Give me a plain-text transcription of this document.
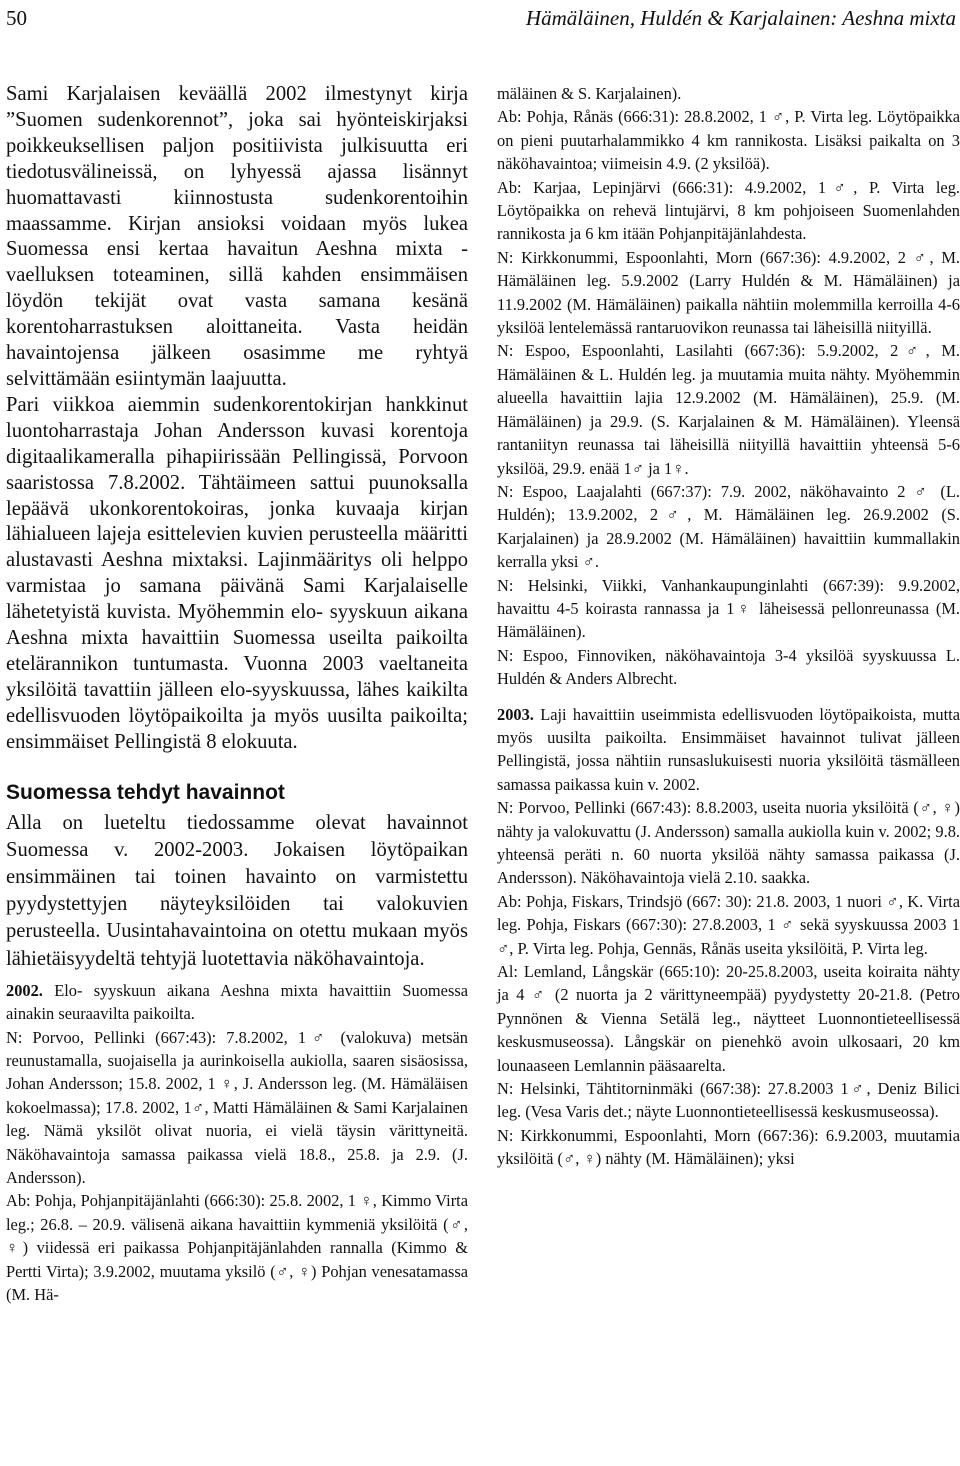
50	Hämäläinen, Huldén & Karjalainen: Aeshna mixta

Sami Karjalaisen keväällä 2002 ilmestynyt kirja ”Suomen sudenkorennot”, joka sai hyönteiskirjaksi poikkeuksellisen paljon positiivista julkisuutta eri tiedotusvälineissä, on lyhyessä ajassa lisännyt huomattavasti kiinnostusta sudenkorentoihin maassamme. Kirjan ansioksi voidaan myös lukea Suomessa ensi kertaa havaitun Aeshna mixta -vaelluksen toteaminen, sillä kahden ensimmäisen löydön tekijät ovat vasta samana kesänä korentoharrastuksen aloittaneita. Vasta heidän havaintojensa jälkeen osasimme me ryhtyä selvittämään esiintymän laajuutta.

Pari viikkoa aiemmin sudenkorentokirjan hankkinut luontoharrastaja Johan Andersson kuvasi korentoja digitaalikameralla pihapiirissään Pellingissä, Porvoon saaristossa 7.8.2002. Tähtäimeen sattui puunoksalla lepäävä ukonkorentokoiras, jonka kuvaaja kirjan lähialueen lajeja esittelevien kuvien perusteella määritti alustavasti Aeshna mixtaksi. Lajinmääritys oli helppo varmistaa jo samana päivänä Sami Karjalaiselle lähetetyistä kuvista. Myöhemmin elo- syyskuun aikana Aeshna mixta havaittiin Suomessa useilta paikoilta etelärannikon tuntumasta. Vuonna 2003 vaeltaneita yksilöitä tavattiin jälleen elo-syyskuussa, lähes kaikilta edellisvuoden löytöpaikoilta ja myös uusilta paikoilta; ensimmäiset Pellingistä 8 elokuuta.

Suomessa tehdyt havainnot

Alla on lueteltu tiedossamme olevat havainnot Suomessa v. 2002-2003. Jokaisen löytöpaikan ensimmäinen tai toinen havainto on varmistettu pyydystettyjen näyteyksilöiden tai valokuvien perusteella. Uusintahavaintoina on otettu mukaan myös lähietäisyydeltä tehtyjä luotettavia näköhavaintoja.

2002. Elo- syyskuun aikana Aeshna mixta havaittiin Suomessa ainakin seuraavilta paikoilta.

N: Porvoo, Pellinki (667:43): 7.8.2002, 1♂ (valokuva) metsän reunustamalla, suojaisella ja aurinkoisella aukiolla, saaren sisäosissa, Johan Andersson; 15.8. 2002, 1 ♀, J. Andersson leg. (M. Hämäläisen kokoelmassa); 17.8. 2002, 1♂, Matti Hämäläinen & Sami Karjalainen leg. Nämä yksilöt olivat nuoria, ei vielä täysin värittyneitä. Näköhavaintoja samassa paikassa vielä 18.8., 25.8. ja 2.9. (J. Andersson).

Ab: Pohja, Pohjanpitäjänlahti (666:30): 25.8. 2002, 1 ♀, Kimmo Virta leg.; 26.8. – 20.9. välisenä aikana havaittiin kymmeniä yksilöitä (♂, ♀) viidessä eri paikassa Pohjanpitäjänlahden rannalla (Kimmo & Pertti Virta); 3.9.2002, muutama yksilö (♂, ♀) Pohjan venesatamassa (M. Hä-

mäläinen & S. Karjalainen).

Ab: Pohja, Rånäs (666:31): 28.8.2002, 1 ♂, P. Virta leg. Löytöpaikka on pieni puutarhalammikko 4 km rannikosta. Lisäksi paikalta on 3 näköhavaintoa; viimeisin 4.9. (2 yksilöä).

Ab: Karjaa, Lepinjärvi (666:31): 4.9.2002, 1♂, P. Virta leg. Löytöpaikka on rehevä lintujärvi, 8 km pohjoiseen Suomenlahden rannikosta ja 6 km itään Pohjanpitäjänlahdesta.

N: Kirkkonummi, Espoonlahti, Morn (667:36): 4.9.2002, 2 ♂, M. Hämäläinen leg. 5.9.2002 (Larry Huldén & M. Hämäläinen) ja 11.9.2002 (M. Hämäläinen) paikalla nähtiin molemmilla kerroilla 4-6 yksilöä lentelemässä rantaruovikon reunassa tai läheisillä niityillä.

N: Espoo, Espoonlahti, Lasilahti (667:36): 5.9.2002, 2♂, M. Hämäläinen & L. Huldén leg. ja muutamia muita nähty. Myöhemmin alueella havaittiin lajia 12.9.2002 (M. Hämäläinen), 25.9. (M. Hämäläinen) ja 29.9. (S. Karjalainen & M. Hämäläinen). Yleensä rantaniityn reunassa tai läheisillä niityillä havaittiin yhteensä 5-6 yksilöä, 29.9. enää 1♂ ja 1♀.

N: Espoo, Laajalahti (667:37): 7.9. 2002, näköhavainto 2 ♂ (L. Huldén); 13.9.2002, 2♂, M. Hämäläinen leg. 26.9.2002 (S. Karjalainen) ja 28.9.2002 (M. Hämäläinen) havaittiin kummallakin kerralla yksi ♂.

N: Helsinki, Viikki, Vanhankaupunginlahti (667:39): 9.9.2002, havaittu 4-5 koirasta rannassa ja 1♀ läheisessä pellonreunassa (M. Hämäläinen).

N: Espoo, Finnoviken, näköhavaintoja 3-4 yksilöä syyskuussa L. Huldén & Anders Albrecht.

2003. Laji havaittiin useimmista edellisvuoden löytöpaikoista, mutta myös uusilta paikoilta. Ensimmäiset havainnot tulivat jälleen Pellingistä, jossa nähtiin runsaslukuisesti nuoria yksilöitä täsmälleen samassa paikassa kuin v. 2002.

N: Porvoo, Pellinki (667:43): 8.8.2003, useita nuoria yksilöitä (♂, ♀) nähty ja valokuvattu (J. Andersson) samalla aukiolla kuin v. 2002; 9.8. yhteensä peräti n. 60 nuorta yksilöä nähty samassa paikassa (J. Andersson). Näköhavaintoja vielä 2.10. saakka.

Ab: Pohja, Fiskars, Trindsjö (667: 30): 21.8. 2003, 1 nuori ♂, K. Virta leg. Pohja, Fiskars (667:30): 27.8.2003, 1 ♂ sekä syyskuussa 2003 1 ♂, P. Virta leg. Pohja, Gennäs, Rånäs useita yksilöitä, P. Virta leg.

Al: Lemland, Långskär (665:10): 20-25.8.2003, useita koiraita nähty ja 4 ♂ (2 nuorta ja 2 värittyneempää) pyydystetty 20-21.8. (Petro Pynnönen & Vienna Setälä leg., näytteet Luonnontieteellisessä keskusmuseossa). Långskär on pienehkö avoin ulkosaari, 20 km lounaaseen Lemlannin pääsaarelta.

N: Helsinki, Tähtitorninmäki (667:38): 27.8.2003 1♂, Deniz Bilici leg. (Vesa Varis det.; näyte Luonnontieteellisessä keskusmuseossa).

N: Kirkkonummi, Espoonlahti, Morn (667:36): 6.9.2003, muutamia yksilöitä (♂, ♀) nähty (M. Hämäläinen); yksi
